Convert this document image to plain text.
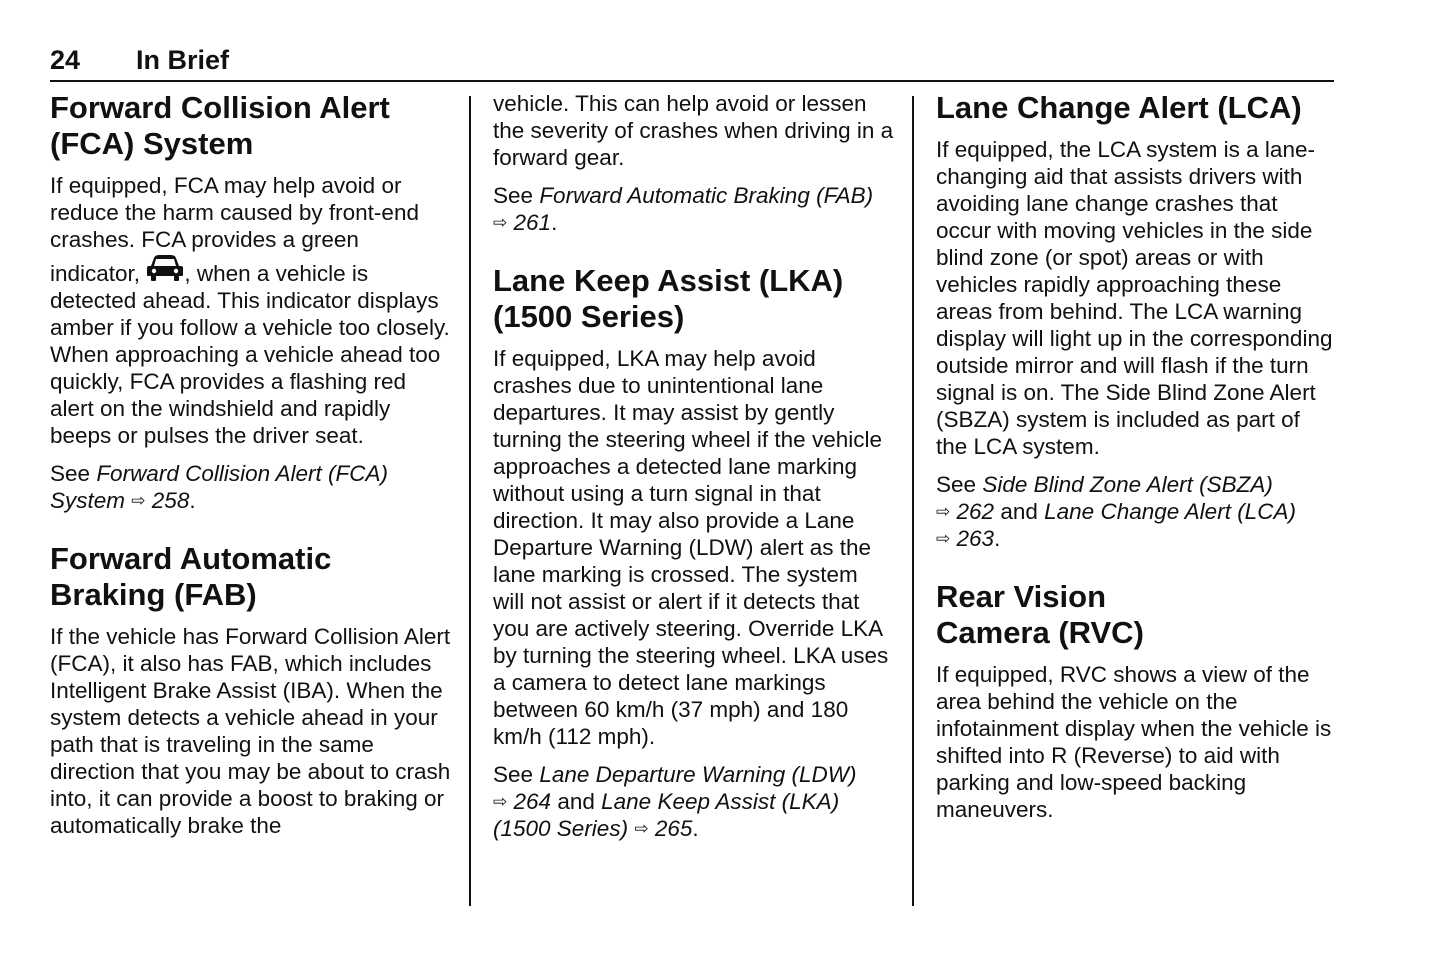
24 In Brief
Forward Collision Alert
(FCA) System

If equipped, FCA may help avoid or reduce the harm caused by front-end crashes. FCA provides a green indicator, , when a vehicle is detected ahead. This indicator displays amber if you follow a vehicle too closely. When approaching a vehicle ahead too quickly, FCA provides a flashing red alert on the windshield and rapidly beeps or pulses the driver seat.

See Forward Collision Alert (FCA) System ⇨ 258.

Forward Automatic
Braking (FAB)

If the vehicle has Forward Collision Alert (FCA), it also has FAB, which includes Intelligent Brake Assist (IBA). When the system detects a vehicle ahead in your path that is traveling in the same direction that you may be about to crash into, it can provide a boost to braking or automatically brake the

vehicle. This can help avoid or lessen the severity of crashes when driving in a forward gear.

See Forward Automatic Braking (FAB) ⇨ 261.

Lane Keep Assist (LKA)
(1500 Series)

If equipped, LKA may help avoid crashes due to unintentional lane departures. It may assist by gently turning the steering wheel if the vehicle approaches a detected lane marking without using a turn signal in that direction. It may also provide a Lane Departure Warning (LDW) alert as the lane marking is crossed. The system will not assist or alert if it detects that you are actively steering. Override LKA by turning the steering wheel. LKA uses a camera to detect lane markings between 60 km/h (37 mph) and 180 km/h (112 mph).

See Lane Departure Warning (LDW) ⇨ 264 and Lane Keep Assist (LKA) (1500 Series) ⇨ 265.

Lane Change Alert (LCA)

If equipped, the LCA system is a lane-changing aid that assists drivers with avoiding lane change crashes that occur with moving vehicles in the side blind zone (or spot) areas or with vehicles rapidly approaching these areas from behind. The LCA warning display will light up in the corresponding outside mirror and will flash if the turn signal is on. The Side Blind Zone Alert (SBZA) system is included as part of the LCA system.

See Side Blind Zone Alert (SBZA) ⇨ 262 and Lane Change Alert (LCA) ⇨ 263.

Rear Vision
Camera (RVC)

If equipped, RVC shows a view of the area behind the vehicle on the infotainment display when the vehicle is shifted into R (Reverse) to aid with parking and low-speed backing maneuvers.
